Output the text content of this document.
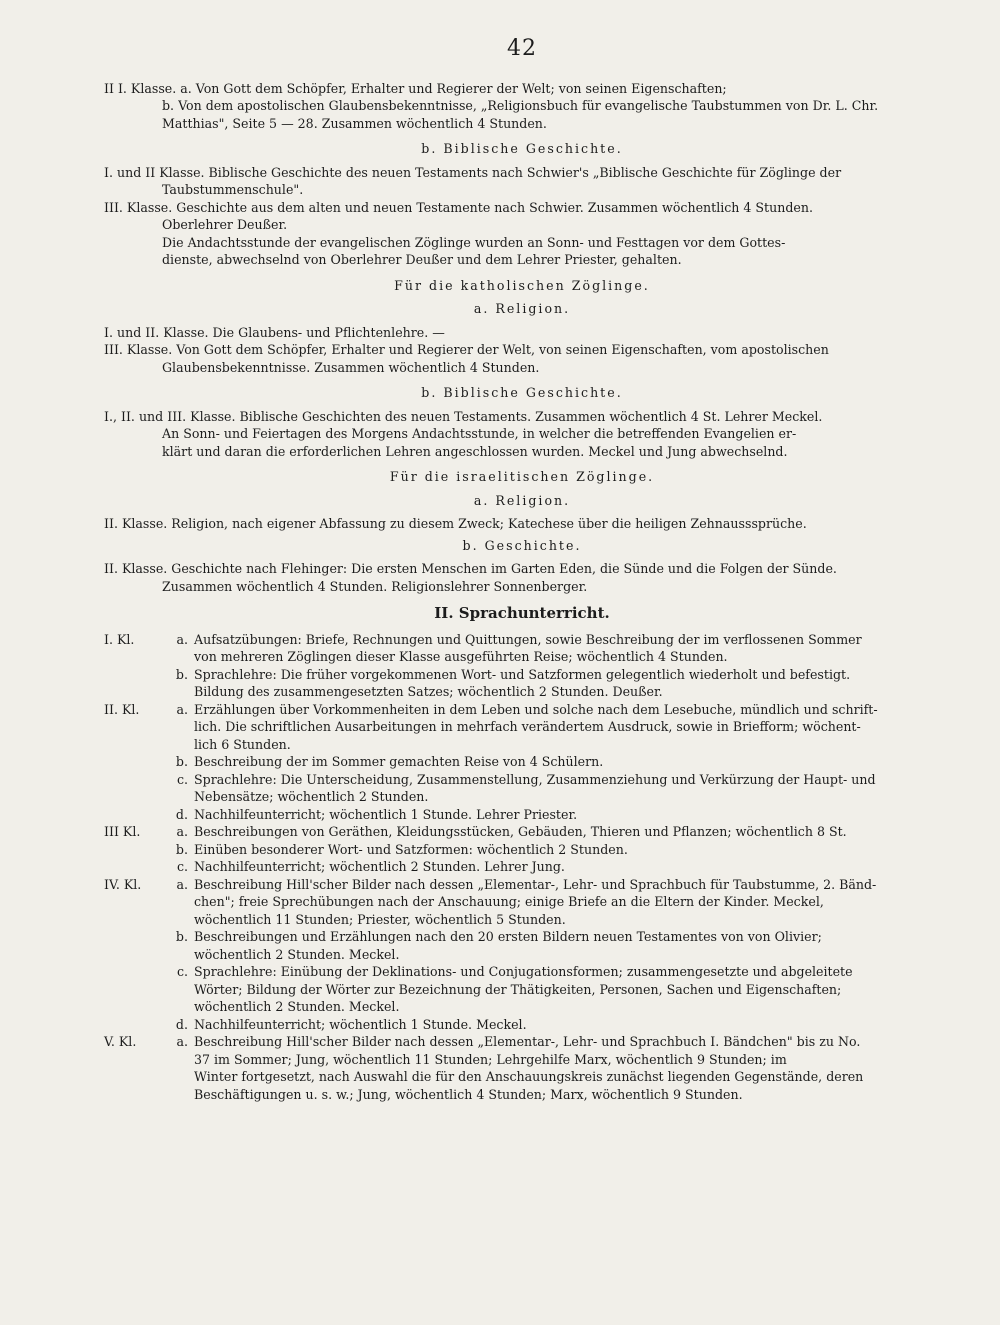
42

II I. Klasse. a. Von Gott dem Schöpfer, Erhalter und Regierer der Welt; von seinen Eigenschaften;

b. Von dem apostolischen Glaubensbekenntnisse, „Religionsbuch für evangelische Taubstummen von Dr. L. Chr.

Matthias", Seite 5 — 28. Zusammen wöchentlich 4 Stunden.

b. Biblische Geschichte.

I. und II Klasse. Biblische Geschichte des neuen Testaments nach Schwier's „Biblische Geschichte für Zöglinge der

Taubstummenschule".

III. Klasse. Geschichte aus dem alten und neuen Testamente nach Schwier. Zusammen wöchentlich 4 Stunden.

Oberlehrer Deußer.

Die Andachtsstunde der evangelischen Zöglinge wurden an Sonn- und Festtagen vor dem Gottes-

dienste, abwechselnd von Oberlehrer Deußer und dem Lehrer Priester, gehalten.

Für die katholischen Zöglinge.
a. Religion.

I. und II. Klasse. Die Glaubens- und Pflichtenlehre. —

III. Klasse. Von Gott dem Schöpfer, Erhalter und Regierer der Welt, von seinen Eigenschaften, vom apostolischen

Glaubensbekenntnisse. Zusammen wöchentlich 4 Stunden.

b. Biblische Geschichte.

I., II. und III. Klasse. Biblische Geschichten des neuen Testaments. Zusammen wöchentlich 4 St. Lehrer Meckel.

An Sonn- und Feiertagen des Morgens Andachtsstunde, in welcher die betreffenden Evangelien er-

klärt und daran die erforderlichen Lehren angeschlossen wurden. Meckel und Jung abwechselnd.

Für die israelitischen Zöglinge.
a. Religion.

II. Klasse. Religion, nach eigener Abfassung zu diesem Zweck; Katechese über die heiligen Zehnausssprüche.

b. Geschichte.

II. Klasse. Geschichte nach Flehinger: Die ersten Menschen im Garten Eden, die Sünde und die Folgen der Sünde.

Zusammen wöchentlich 4 Stunden. Religionslehrer Sonnenberger.

II. Sprachunterricht.
I. Kl.	a. Aufsatzübungen: Briefe, Rechnungen und Quittungen, sowie Beschreibung der im verflossenen Sommer
von mehreren Zöglingen dieser Klasse ausgeführten Reise; wöchentlich 4 Stunden.
b. Sprachlehre: Die früher vorgekommenen Wort- und Satzformen gelegentlich wiederholt und befestigt.
Bildung des zusammengesetzten Satzes; wöchentlich 2 Stunden. Deußer.
II. Kl.	a. Erzählungen über Vorkommenheiten in dem Leben und solche nach dem Lesebuche, mündlich und schrift-
lich. Die schriftlichen Ausarbeitungen in mehrfach verändertem Ausdruck, sowie in Briefform; wöchent-
lich 6 Stunden.
b. Beschreibung der im Sommer gemachten Reise von 4 Schülern.
c. Sprachlehre: Die Unterscheidung, Zusammenstellung, Zusammenziehung und Verkürzung der Haupt- und
Nebensätze; wöchentlich 2 Stunden.
d. Nachhilfeunterricht; wöchentlich 1 Stunde. Lehrer Priester.
III Kl.	a. Beschreibungen von Geräthen, Kleidungsstücken, Gebäuden, Thieren und Pflanzen; wöchentlich 8 St.
b. Einüben besonderer Wort- und Satzformen: wöchentlich 2 Stunden.
c. Nachhilfeunterricht; wöchentlich 2 Stunden. Lehrer Jung.
IV. Kl.	a. Beschreibung Hill'scher Bilder nach dessen „Elementar-, Lehr- und Sprachbuch für Taubstumme, 2. Bänd-
chen"; freie Sprechübungen nach der Anschauung; einige Briefe an die Eltern der Kinder. Meckel,
wöchentlich 11 Stunden; Priester, wöchentlich 5 Stunden.
b. Beschreibungen und Erzählungen nach den 20 ersten Bildern neuen Testamentes von von Olivier;
wöchentlich 2 Stunden. Meckel.
c. Sprachlehre: Einübung der Deklinations- und Conjugationsformen; zusammengesetzte und abgeleitete
Wörter; Bildung der Wörter zur Bezeichnung der Thätigkeiten, Personen, Sachen und Eigenschaften;
wöchentlich 2 Stunden. Meckel.
d. Nachhilfeunterricht; wöchentlich 1 Stunde. Meckel.
V. Kl.	a. Beschreibung Hill'scher Bilder nach dessen „Elementar-, Lehr- und Sprachbuch I. Bändchen" bis zu No.
37 im Sommer; Jung, wöchentlich 11 Stunden; Lehrgehilfe Marx, wöchentlich 9 Stunden; im
Winter fortgesetzt, nach Auswahl die für den Anschauungskreis zunächst liegenden Gegenstände, deren
Beschäftigungen u. s. w.; Jung, wöchentlich 4 Stunden; Marx, wöchentlich 9 Stunden.
